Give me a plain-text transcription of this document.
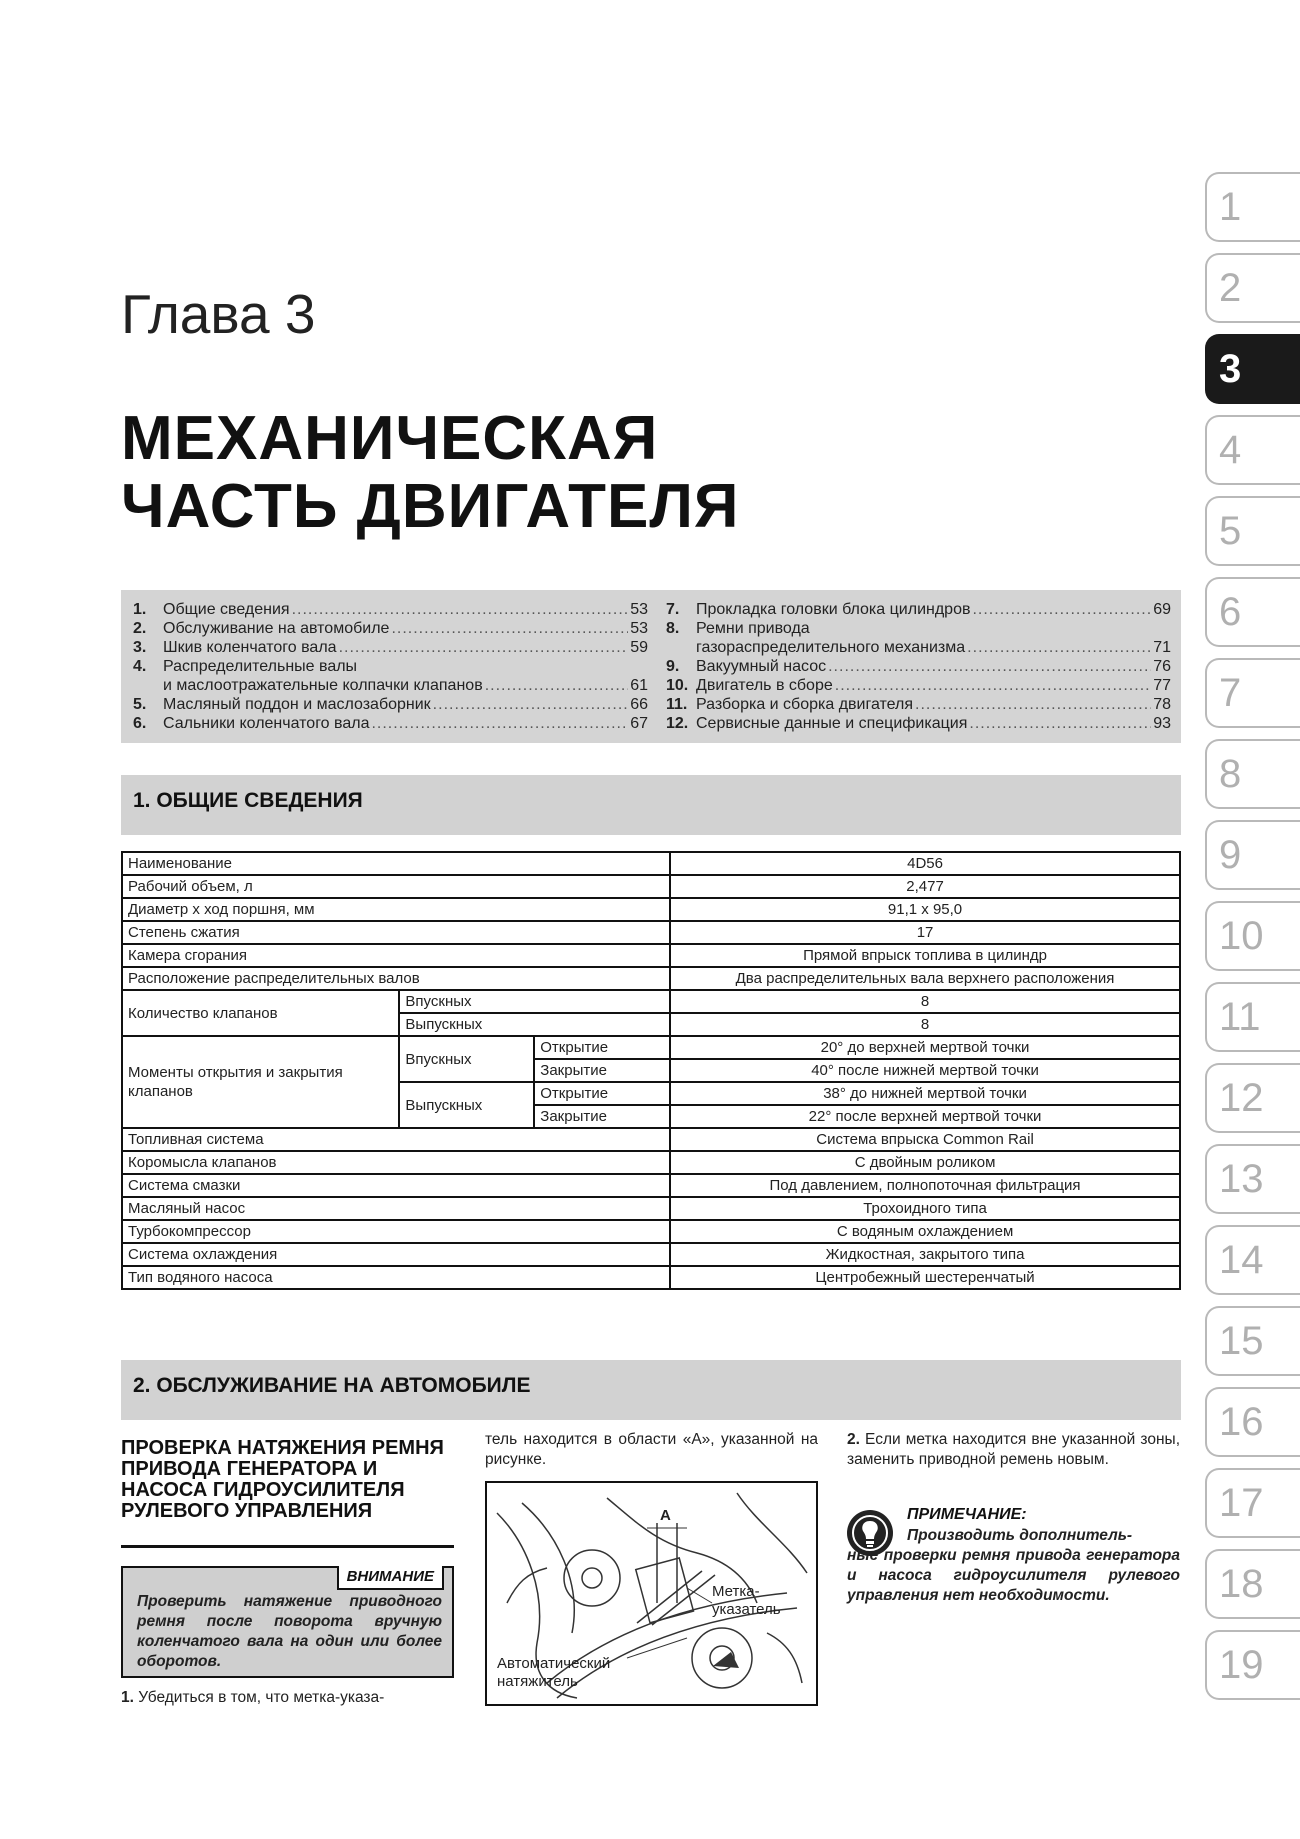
Глава 3
МЕХАНИЧЕСКАЯ
ЧАСТЬ ДВИГАТЕЛЯ
1
2
3
4
5
6
7
8
9
10
11
12
13
14
15
16
17
18
19
1.	Общие сведения .....	53
2.	Обслуживание на автомобиле .....	53
3.	Шкив коленчатого вала .....	59
4.	Распределительные валы
и маслоотражательные колпачки клапанов .....	61
5.	Масляный поддон и маслозаборник .....	66
6.	Сальники коленчатого вала .....	67
7.	Прокладка головки блока цилиндров .....	69
8.	Ремни привода
газораспределительного механизма .....	71
9.	Вакуумный насос .....	76
10. Двигатель в сборе .....	77
11. Разборка и сборка двигателя .....	78
12. Сервисные данные и спецификация .....	93
1. ОБЩИЕ СВЕДЕНИЯ
Наименование			4D56
Рабочий объем, л			2,477
Диаметр х ход поршня, мм			91,1 х 95,0
Степень сжатия			17
Камера сгорания			Прямой впрыск топлива в цилиндр
Расположение распределительных валов			Два распределительных вала верхнего расположения
Количество клапанов	Впускных		8
	Выпускных		8
Моменты открытия и закрытия клапанов	Впускных	Открытие	20° до верхней мертвой точки
		Закрытие	40° после нижней мертвой точки
	Выпускных	Открытие	38° до нижней мертвой точки
		Закрытие	22° после верхней мертвой точки
Топливная система			Система впрыска Common Rail
Коромысла клапанов			С двойным роликом
Система смазки			Под давлением, полнопоточная фильтрация
Масляный насос			Трохоидного типа
Турбокомпрессор			С водяным охлаждением
Система охлаждения			Жидкостная, закрытого типа
Тип водяного насоса			Центробежный шестеренчатый
2. ОБСЛУЖИВАНИЕ НА АВТОМОБИЛЕ
ПРОВЕРКА НАТЯЖЕНИЯ РЕМНЯ ПРИВОДА ГЕНЕРАТОРА И НАСОСА ГИДРОУСИЛИТЕЛЯ РУЛЕВОГО УПРАВЛЕНИЯ
ВНИМАНИЕ
Проверить натяжение приводного ремня после поворота вручную коленчатого вала на один или более оборотов.
1. Убедиться в том, что метка-указа-
тель находится в области «А», указанной на рисунке.
A
Метка-указатель
Автоматический натяжитель
2. Если метка находится вне указанной зоны, заменить приводной ремень новым.
ПРИМЕЧАНИЕ:
Производить дополнитель-
ные проверки ремня привода генератора и насоса гидроусилителя рулевого управления нет необходимости.
